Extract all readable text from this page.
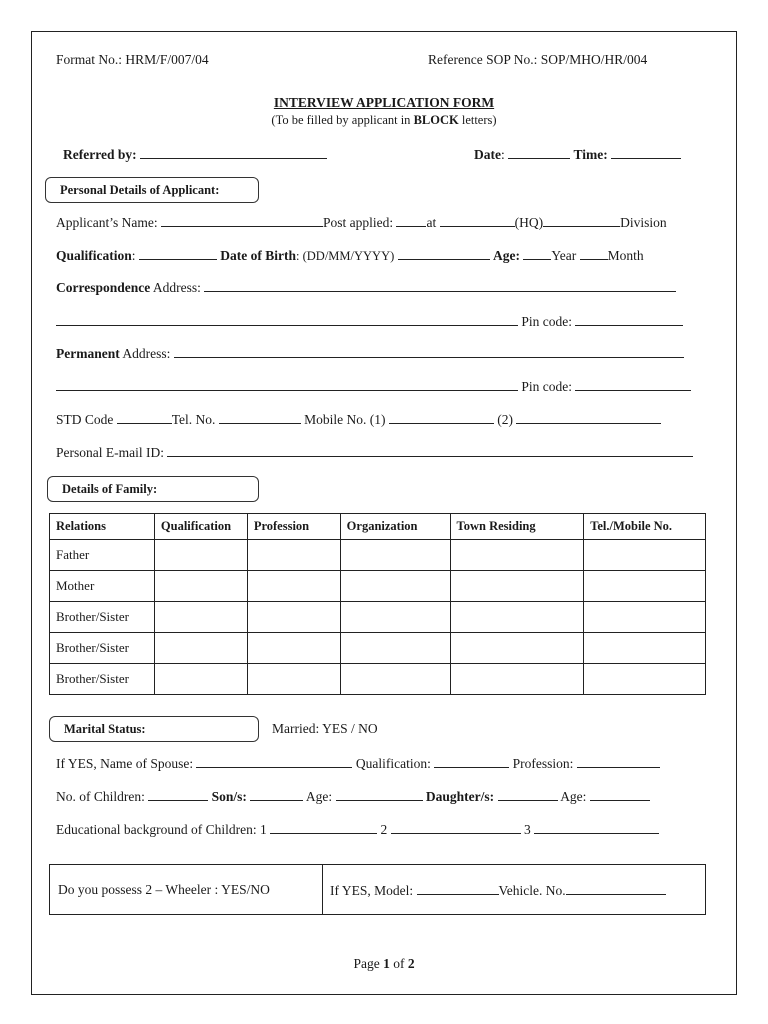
Format No.: HRM/F/007/04	Reference SOP No.: SOP/MHO/HR/004
INTERVIEW APPLICATION FORM
(To be filled by applicant in BLOCK letters)
Referred by:	Date:	Time:
Personal Details of Applicant:
Applicant’s Name:	Post applied: at	(HQ)	Division
Qualification:	Date of Birth: (DD/MM/YYYY)	Age: Year Month
Correspondence Address:
Pin code:
Permanent Address:
Pin code:
STD Code	Tel. No.	Mobile No. (1)	(2)
Personal E-mail ID:
Details of Family:
Relations	Qualification	Profession	Organization	Town Residing	Tel./Mobile No.
Father					
Mother					
Brother/Sister					
Brother/Sister					
Brother/Sister					
Marital Status:	Married: YES / NO
If YES, Name of Spouse:	Qualification:	Profession:
No. of Children:	Son/s:	Age:	Daughter/s:	Age:
Educational background of Children: 1	2	3
Do you possess 2 – Wheeler : YES/NO	If YES, Model:	Vehicle. No.
Page 1 of 2
